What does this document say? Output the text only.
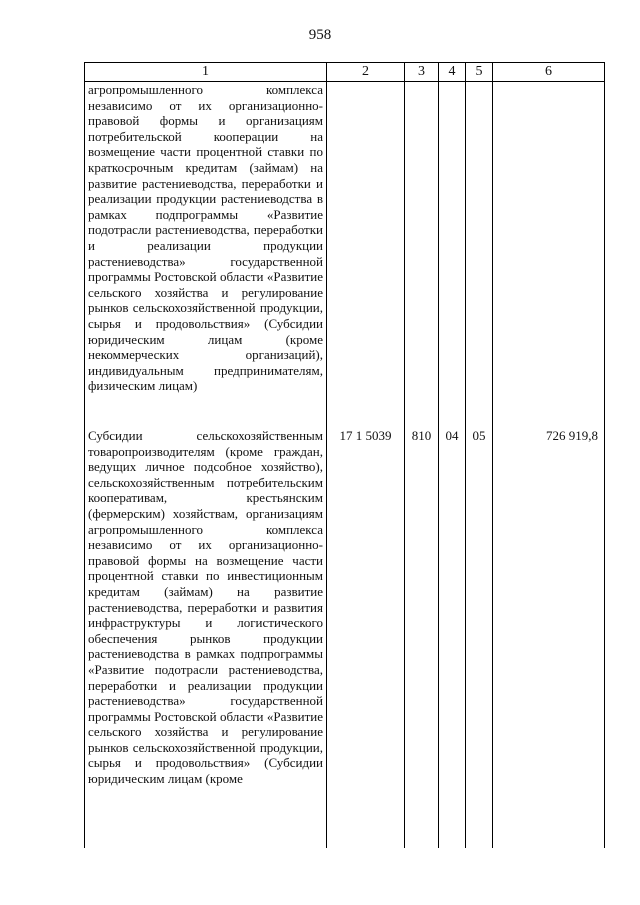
958
1	2	3	4	5	6
агропромышленного комплекса независимо от их организационно-правовой формы и организациям потребительской кооперации на возмещение части процентной ставки по краткосрочным кредитам (займам) на развитие растениеводства, переработки и реализации продукции растениеводства в рамках подпрограммы «Развитие подотрасли растениеводства, переработки и реализации продукции растениеводства» государственной программы Ростовской области «Развитие сельского хозяйства и регулирование рынков сельскохозяйственной продукции, сырья и продовольствия» (Субсидии юридическим лицам (кроме некоммерческих организаций), индивидуальным предпринимателям, физическим лицам)					
Субсидии сельскохозяйственным товаропроизводителям (кроме граждан, ведущих личное подсобное хозяйство), сельскохозяйственным потребительским кооперативам, крестьянским (фермерским) хозяйствам, организациям агропромышленного комплекса независимо от их организационно-правовой формы на возмещение части процентной ставки по инвестиционным кредитам (займам) на развитие растениеводства, переработки и развития инфраструктуры и логистического обеспечения рынков продукции растениеводства в рамках подпрограммы «Развитие подотрасли растениеводства, переработки и реализации продукции растениеводства» государственной программы Ростовской области «Развитие сельского хозяйства и регулирование рынков сельскохозяйственной продукции, сырья и продовольствия» (Субсидии юридическим лицам (кроме	17 1 5039	810	04	05	726 919,8
